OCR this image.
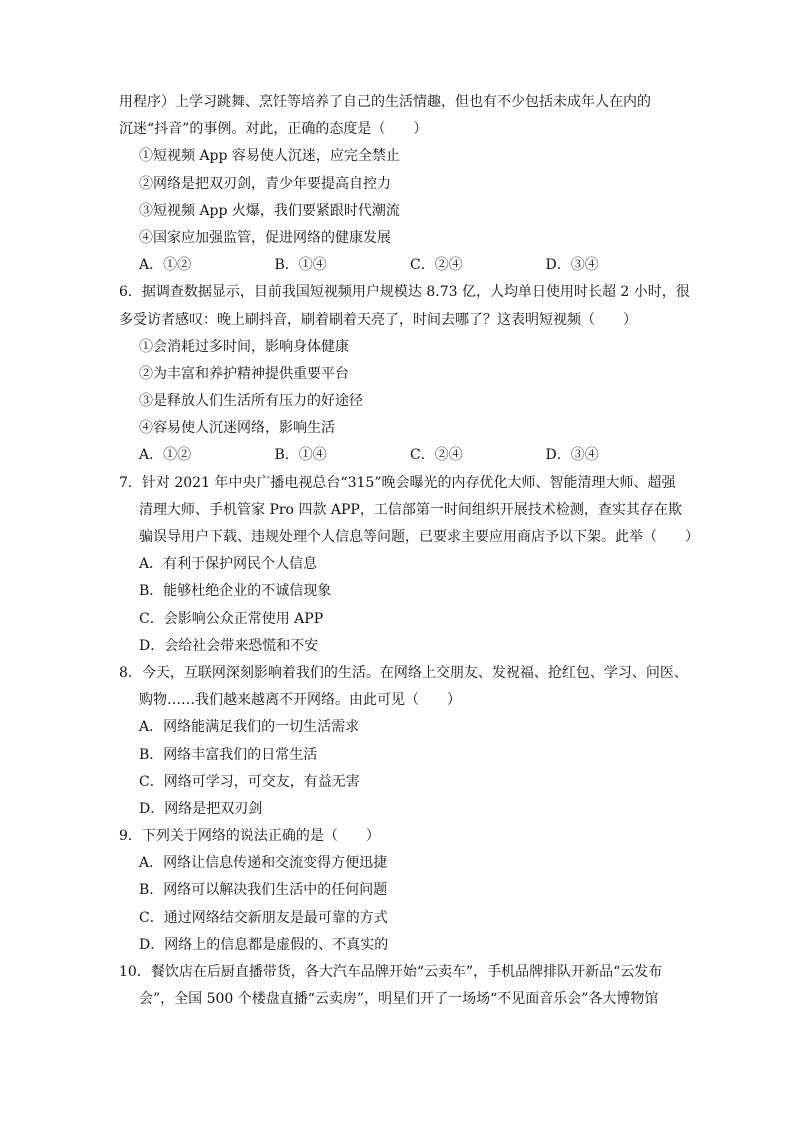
用程序）上学习跳舞、烹饪等培养了自己的生活情趣，但也有不少包括未成年人在内的
沉迷“抖音”的事例。对此，正确的态度是（　　）
①短视频 App 容易使人沉迷，应完全禁止
②网络是把双刃剑，青少年要提高自控力
③短视频 App 火爆，我们要紧跟时代潮流
④国家应加强监管，促进网络的健康发展
A．①②	B．①④	C．②④	D．③④
6．据调查数据显示，目前我国短视频用户规模达 8.73 亿，人均单日使用时长超 2 小时，很
多受访者感叹：晚上刷抖音，刷着刷着天亮了，时间去哪了？这表明短视频（　　）
①会消耗过多时间，影响身体健康
②为丰富和养护精神提供重要平台
③是释放人们生活所有压力的好途径
④容易使人沉迷网络，影响生活
A．①②	B．①④	C．②④	D．③④
7．针对 2021 年中央广播电视总台“315”晚会曝光的内存优化大师、智能清理大师、超强
清理大师、手机管家 Pro 四款 APP，工信部第一时间组织开展技术检测，查实其存在欺
骗误导用户下载、违规处理个人信息等问题，已要求主要应用商店予以下架。此举（　　）
A．有利于保护网民个人信息
B．能够杜绝企业的不诚信现象
C．会影响公众正常使用 APP
D．会给社会带来恐慌和不安
8．今天，互联网深刻影响着我们的生活。在网络上交朋友、发祝福、抢红包、学习、问医、
购物……我们越来越离不开网络。由此可见（　　）
A．网络能满足我们的一切生活需求
B．网络丰富我们的日常生活
C．网络可学习，可交友，有益无害
D．网络是把双刃剑
9．下列关于网络的说法正确的是（　　）
A．网络让信息传递和交流变得方便迅捷
B．网络可以解决我们生活中的任何问题
C．通过网络结交新朋友是最可靠的方式
D．网络上的信息都是虚假的、不真实的
10．餐饮店在后厨直播带货，各大汽车品牌开始“云卖车”，手机品牌排队开新品“云发布
会”，全国 500 个楼盘直播“云卖房”，明星们开了一场场“不见面音乐会”各大博物馆
